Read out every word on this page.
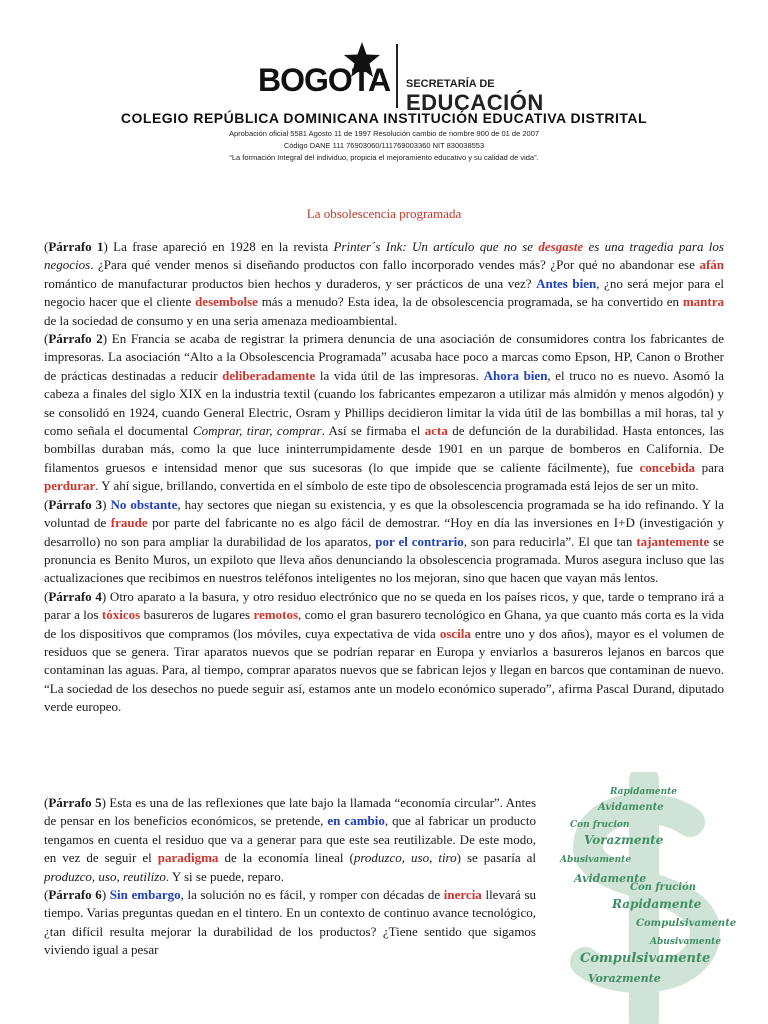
BOGOTA SECRETARÍA DE
EDUCACIÓN
COLEGIO REPÚBLICA DOMINICANA INSTITUCIÓN EDUCATIVA DISTRITAL
Aprobación oficial 5581 Agosto 11 de 1997 Resolución cambio de nombre 900 de 01 de 2007
Código DANE 111 76903060/111769003360 NIT 830038553
“La formación Integral del individuo, propicia el mejoramiento educativo y su calidad de vida”.
La obsolescencia programada

(Párrafo 1) La frase apareció en 1928 en la revista Printer´s Ink: Un artículo que no se desgaste es una tragedia para los negocios. ¿Para qué vender menos si diseñando productos con fallo incorporado vendes más? ¿Por qué no abandonar ese afán romántico de manufacturar productos bien hechos y duraderos, y ser prácticos de una vez? Antes bien, ¿no será mejor para el negocio hacer que el cliente desembolse más a menudo? Esta idea, la de obsolescencia programada, se ha convertido en mantra de la sociedad de consumo y en una seria amenaza medioambiental.

(Párrafo 2) En Francia se acaba de registrar la primera denuncia de una asociación de consumidores contra los fabricantes de impresoras. La asociación “Alto a la Obsolescencia Programada” acusaba hace poco a marcas como Epson, HP, Canon o Brother de prácticas destinadas a reducir deliberadamente la vida útil de las impresoras. Ahora bien, el truco no es nuevo. Asomó la cabeza a finales del siglo XIX en la industria textil (cuando los fabricantes empezaron a utilizar más almidón y menos algodón) y se consolidó en 1924, cuando General Electric, Osram y Phillips decidieron limitar la vida útil de las bombillas a mil horas, tal y como señala el documental Comprar, tirar, comprar. Así se firmaba el acta de defunción de la durabilidad. Hasta entonces, las bombillas duraban más, como la que luce ininterrumpidamente desde 1901 en un parque de bomberos en California. De filamentos gruesos e intensidad menor que sus sucesoras (lo que impide que se caliente fácilmente), fue concebida para perdurar. Y ahí sigue, brillando, convertida en el símbolo de este tipo de obsolescencia programada está lejos de ser un mito.

(Párrafo 3) No obstante, hay sectores que niegan su existencia, y es que la obsolescencia programada se ha ido refinando. Y la voluntad de fraude por parte del fabricante no es algo fácil de demostrar. “Hoy en día las inversiones en I+D (investigación y desarrollo) no son para ampliar la durabilidad de los aparatos, por el contrario, son para reducirla”. El que tan tajantemente se pronuncia es Benito Muros, un expiloto que lleva años denunciando la obsolescencia programada. Muros asegura incluso que las actualizaciones que recibimos en nuestros teléfonos inteligentes no los mejoran, sino que hacen que vayan más lentos.

(Párrafo 4) Otro aparato a la basura, y otro residuo electrónico que no se queda en los países ricos, y que, tarde o temprano irá a parar a los tóxicos basureros de lugares remotos, como el gran basurero tecnológico en Ghana, ya que cuanto más corta es la vida de los dispositivos que compramos (los móviles, cuya expectativa de vida oscila entre uno y dos años), mayor es el volumen de residuos que se genera. Tirar aparatos nuevos que se podrían reparar en Europa y enviarlos a basureros lejanos en barcos que contaminan las aguas. Para, al tiempo, comprar aparatos nuevos que se fabrican lejos y llegan en barcos que contaminan de nuevo. “La sociedad de los desechos no puede seguir así, estamos ante un modelo económico superado”, afirma Pascal Durand, diputado verde europeo.

(Párrafo 5) Esta es una de las reflexiones que late bajo la llamada “economía circular”. Antes de pensar en los beneficios económicos, se pretende, en cambio, que al fabricar un producto tengamos en cuenta el residuo que va a generar para que este sea reutilizable. De este modo, en vez de seguir el paradigma de la economía lineal (produzco, uso, tiro) se pasaría al produzco, uso, reutilizo. Y si se puede, reparo.

(Párrafo 6) Sin embargo, la solución no es fácil, y romper con décadas de inercia llevará su tiempo. Varias preguntas quedan en el tintero. En un contexto de continuo avance tecnológico, ¿tan difícil resulta mejorar la durabilidad de los productos? ¿Tiene sentido que sigamos viviendo igual a pesar

Rapidamente
Avidamente
Con frucion
Vorazmente
Abusivamente
Avidamente
Con frución
Rapidamente
Compulsivamente
Abusivamente
Compulsivamente
Vorazmente
